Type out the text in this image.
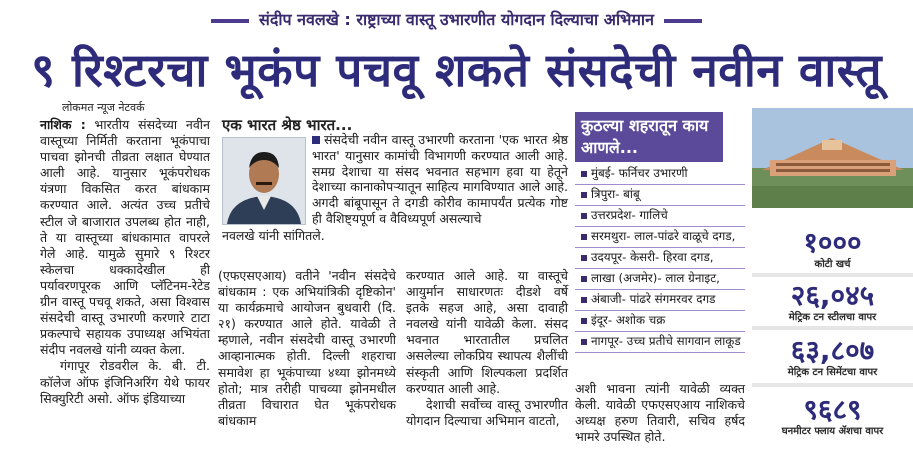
संदीप नवलखे : राष्ट्राच्या वास्तू उभारणीत योगदान दिल्याचा अभिमान
९ रिश्टरचा भूकंप पचवू शकते संसदेची नवीन वास्तू
लोकमत न्यूज नेटवर्क
नाशिक : भारतीय संसदेच्या नवीन वास्तूच्या निर्मिती करताना भूकंपाचा पाचवा झोनची तीव्रता लक्षात घेण्यात आली आहे. यानुसार भूकंपरोधक यंत्रणा विकसित करत बांधकाम करण्यात आले. अत्यंत उच्च प्रतीचे स्टील जे बाजारात उपलब्ध होत नाही, ते या वास्तूच्या बांधकामात वापरले गेले आहे. यामुळे सुमारे ९ रिश्टर स्केलचा धक्कादेखील ही पर्यावरणपूरक आणि प्लॅटिनम-रेटेड ग्रीन वास्तू पचवू शकते, असा विश्वास संसदेची वास्तू उभारणी करणारे टाटा प्रकल्पाचे सहायक उपाध्यक्ष अभियंता संदीप नवलखे यांनी व्यक्त केला.
गंगापूर रोडवरील के. बी. टी. कॉलेज ऑफ इंजिनिअरिंग येथे फायर सिक्युरिटी असो. ऑफ इंडियाच्या
एक भारत श्रेष्ठ भारत...
संसदेची नवीन वास्तू उभारणी करताना 'एक भारत श्रेष्ठ भारत' यानुसार कामांची विभागणी करण्यात आली आहे. समग्र देशाचा या संसद भवनात सहभाग हवा या हेतूने देशाच्या कानाकोपऱ्यातून साहित्य मागविण्यात आले आहे. अगदी बांबूपासून ते दगडी कोरीव कामापर्यंत प्रत्येक गोष्ट ही वैशिष्ट्यपूर्ण व वैविध्यपूर्ण असल्याचे
नवलखे यांनी सांगितले.
(एफएसएआय) वतीने 'नवीन संसदेचे बांधकाम : एक अभियांत्रिकी दृष्टिकोन' या कार्यक्रमाचे आयोजन बुधवारी (दि. २१) करण्यात आले होते. यावेळी ते म्हणाले, नवीन संसदेची वास्तू उभारणी आव्हानात्मक होती. दिल्ली शहराचा समावेश हा भूकंपाच्या ४थ्या झोनमध्ये होतो; मात्र तरीही पाचव्या झोनमधील तीव्रता विचारात घेत भूकंपरोधक बांधकाम
करण्यात आले आहे. या वास्तूचे आयुर्मान साधारणतः दीडशे वर्षे इतके सहज आहे, असा दावाही नवलखे यांनी यावेळी केला. संसद भवनात भारतातील प्रचलित असलेल्या लोकप्रिय स्थापत्य शैलींची संस्कृती आणि शिल्पकला प्रदर्शित करण्यात आली आहे.
देशाची सर्वोच्च वास्तू उभारणीत योगदान दिल्याचा अभिमान वाटतो,
कुठल्या शहरातून काय आणले...
मुंबई- फर्निचर उभारणी
त्रिपुरा- बांबू
उत्तरप्रदेश- गालिचे
सरमथुरा- लाल-पांढरे वाळूचे दगड,
उदयपूर- केसरी- हिरवा दगड,
लाखा (अजमेर)- लाल ग्रेनाइट,
अंबाजी- पांढरे संगमरवर दगड
इंदूर- अशोक चक्र
नागपूर- उच्च प्रतीचे सागवान लाकूड
अशी भावना त्यांनी यावेळी व्यक्त केली. यावेळी एफएसएआय नाशिकचे अध्यक्ष हरुण तिवारी, सचिव हर्षद भामरे उपस्थित होते.
१०००
कोटी खर्च
२६,०४५
मेट्रिक टन स्टीलचा वापर
६३,८०७
मेट्रिक टन सिमेंटचा वापर
९६८९
घनमीटर फ्लाय ॲशचा वापर
